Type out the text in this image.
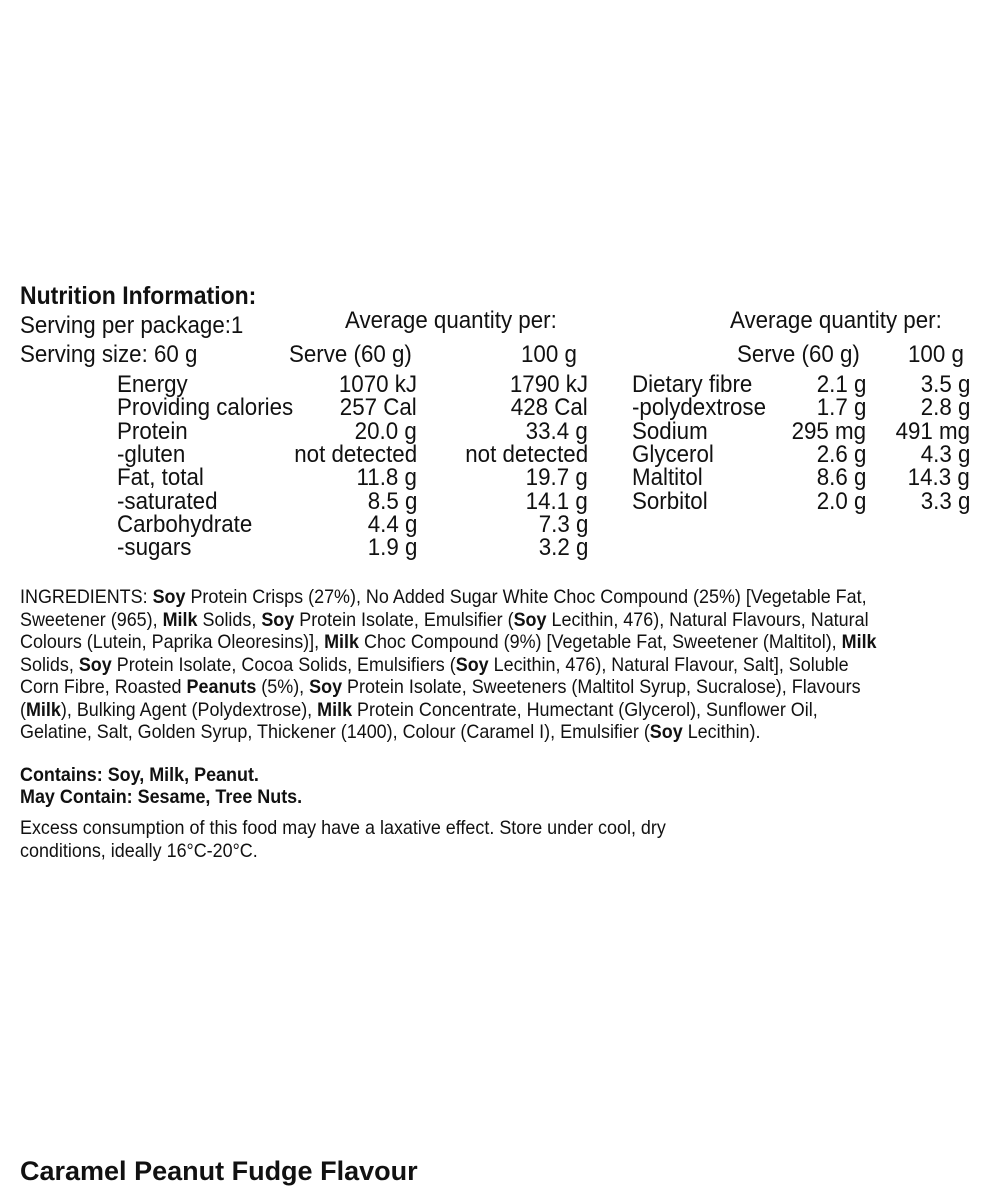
Nutrition Information:
Serving per package:1	Average quantity per:	Average quantity per:
Serving size: 60 g	Serve (60 g)	100 g	Serve (60 g) 100 g
Energy	1070 kJ	1790 kJ
Providing calories 257 Cal	428 Cal
Protein	20.0 g	33.4 g
-gluten	not detected not detected
Fat, total	11.8 g	19.7 g
-saturated	8.5 g	14.1 g
Carbohydrate	4.4 g	7.3 g
-sugars	1.9 g	3.2 g
Dietary fibre	2.1 g 3.5 g
-polydextrose 1.7 g 2.8 g
Sodium	295 mg 491 mg
Glycerol	2.6 g 4.3 g
Maltitol	8.6 g 14.3 g
Sorbitol	2.0 g 3.3 g
INGREDIENTS: Soy Protein Crisps (27%), No Added Sugar White Choc Compound (25%) [Vegetable Fat,
Sweetener (965), Milk Solids, Soy Protein Isolate, Emulsifier (Soy Lecithin, 476), Natural Flavours, Natural
Colours (Lutein, Paprika Oleoresins)], Milk Choc Compound (9%) [Vegetable Fat, Sweetener (Maltitol), Milk
Solids, Soy Protein Isolate, Cocoa Solids, Emulsifiers (Soy Lecithin, 476), Natural Flavour, Salt], Soluble
Corn Fibre, Roasted Peanuts (5%), Soy Protein Isolate, Sweeteners (Maltitol Syrup, Sucralose), Flavours
(Milk), Bulking Agent (Polydextrose), Milk Protein Concentrate, Humectant (Glycerol), Sunflower Oil,
Gelatine, Salt, Golden Syrup, Thickener (1400), Colour (Caramel I), Emulsifier (Soy Lecithin).
Contains: Soy, Milk, Peanut.
May Contain: Sesame, Tree Nuts.
Excess consumption of this food may have a laxative effect. Store under cool, dry
conditions, ideally 16°C-20°C.
Caramel Peanut Fudge Flavour
